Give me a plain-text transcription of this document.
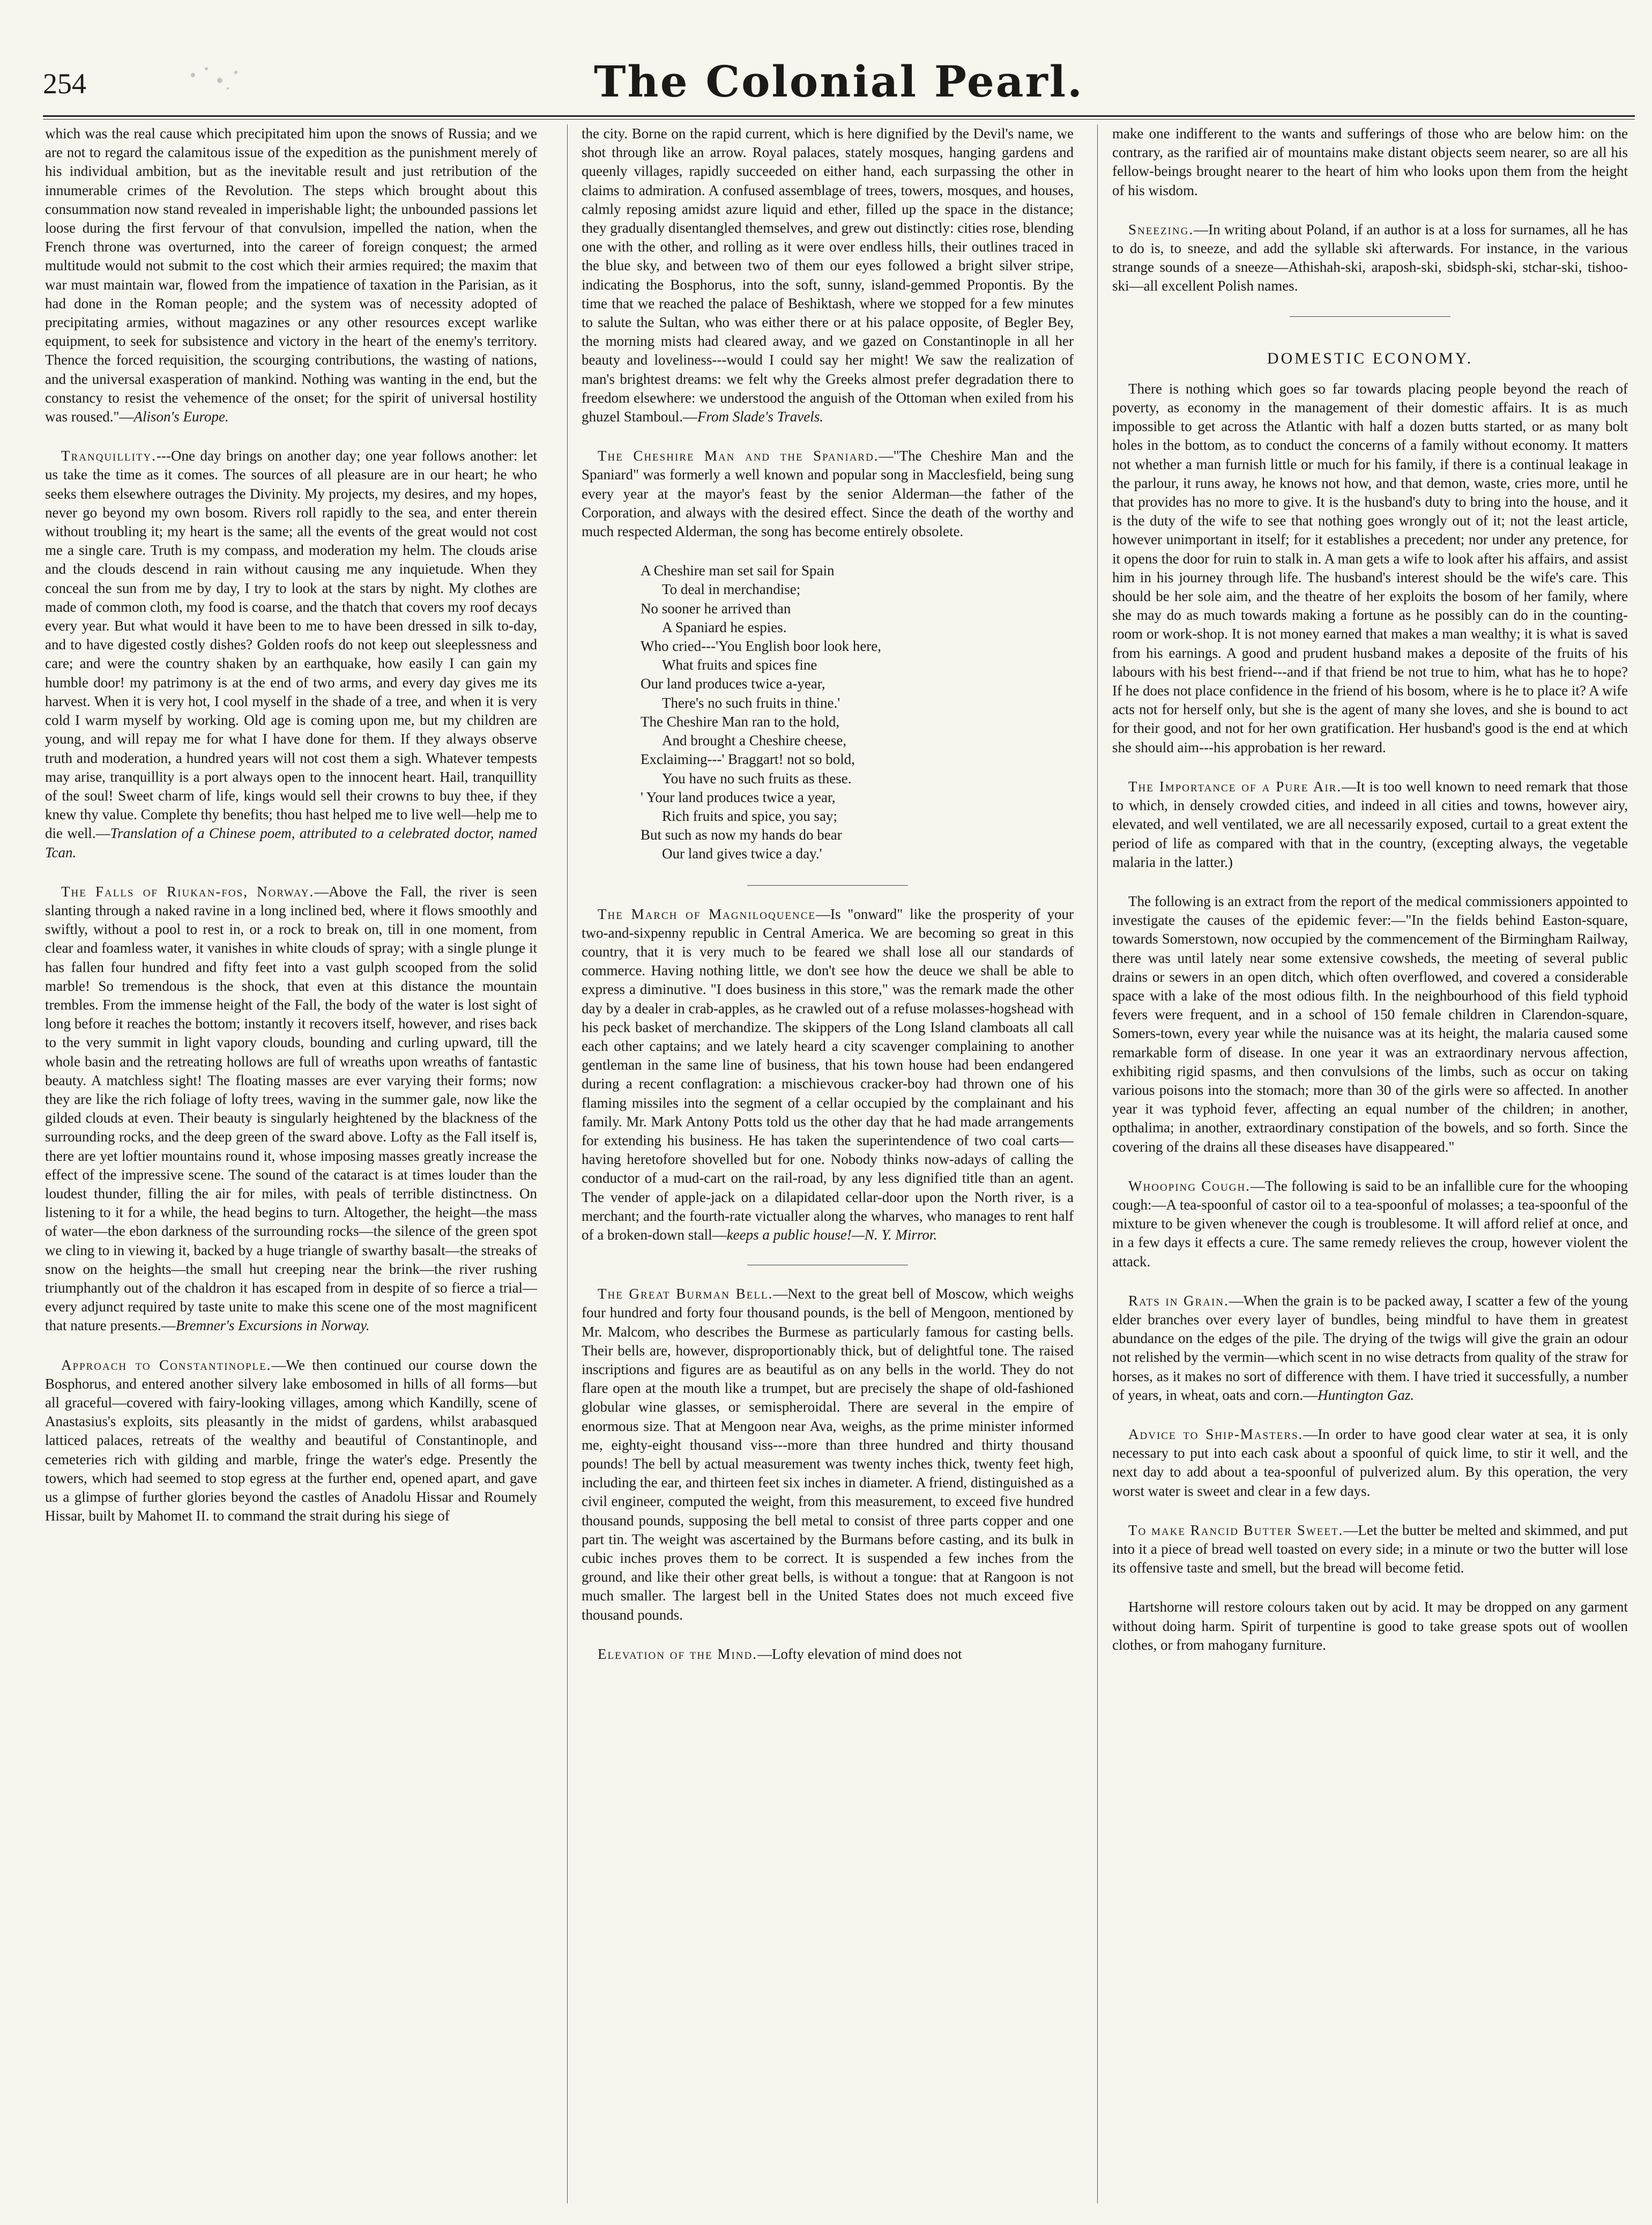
254	The Colonial Pearl.

which was the real cause which precipitated him upon the snows of Russia; and we are not to regard the calamitous issue of the expedition as the punishment merely of his individual ambition, but as the inevitable result and just retribution of the innumerable crimes of the Revolution. The steps which brought about this consummation now stand revealed in imperishable light; the unbounded passions let loose during the first fervour of that convulsion, impelled the nation, when the French throne was overturned, into the career of foreign conquest; the armed multitude would not submit to the cost which their armies required; the maxim that war must maintain war, flowed from the impatience of taxation in the Parisian, as it had done in the Roman people; and the system was of necessity adopted of precipitating armies, without magazines or any other resources except warlike equipment, to seek for subsistence and victory in the heart of the enemy's territory. Thence the forced requisition, the scourging contributions, the wasting of nations, and the universal exasperation of mankind. Nothing was wanting in the end, but the constancy to resist the vehemence of the onset; for the spirit of universal hostility was roused."—Alison's Europe.

Tranquillity.---One day brings on another day; one year follows another: let us take the time as it comes. The sources of all pleasure are in our heart; he who seeks them elsewhere outrages the Divinity. My projects, my desires, and my hopes, never go beyond my own bosom. Rivers roll rapidly to the sea, and enter therein without troubling it; my heart is the same; all the events of the great would not cost me a single care. Truth is my compass, and moderation my helm. The clouds arise and the clouds descend in rain without causing me any inquietude. When they conceal the sun from me by day, I try to look at the stars by night. My clothes are made of common cloth, my food is coarse, and the thatch that covers my roof decays every year. But what would it have been to me to have been dressed in silk to-day, and to have digested costly dishes? Golden roofs do not keep out sleeplessness and care; and were the country shaken by an earthquake, how easily I can gain my humble door! my patrimony is at the end of two arms, and every day gives me its harvest. When it is very hot, I cool myself in the shade of a tree, and when it is very cold I warm myself by working. Old age is coming upon me, but my children are young, and will repay me for what I have done for them. If they always observe truth and moderation, a hundred years will not cost them a sigh. Whatever tempests may arise, tranquillity is a port always open to the innocent heart. Hail, tranquillity of the soul! Sweet charm of life, kings would sell their crowns to buy thee, if they knew thy value. Complete thy benefits; thou hast helped me to live well—help me to die well.—Translation of a Chinese poem, attributed to a celebrated doctor, named Tcan.

The Falls of Riukan-fos, Norway.—Above the Fall, the river is seen slanting through a naked ravine in a long inclined bed, where it flows smoothly and swiftly, without a pool to rest in, or a rock to break on, till in one moment, from clear and foamless water, it vanishes in white clouds of spray; with a single plunge it has fallen four hundred and fifty feet into a vast gulph scooped from the solid marble! So tremendous is the shock, that even at this distance the mountain trembles. From the immense height of the Fall, the body of the water is lost sight of long before it reaches the bottom; instantly it recovers itself, however, and rises back to the very summit in light vapory clouds, bounding and curling upward, till the whole basin and the retreating hollows are full of wreaths upon wreaths of fantastic beauty. A matchless sight! The floating masses are ever varying their forms; now they are like the rich foliage of lofty trees, waving in the summer gale, now like the gilded clouds at even. Their beauty is singularly heightened by the blackness of the surrounding rocks, and the deep green of the sward above. Lofty as the Fall itself is, there are yet loftier mountains round it, whose imposing masses greatly increase the effect of the impressive scene. The sound of the cataract is at times louder than the loudest thunder, filling the air for miles, with peals of terrible distinctness. On listening to it for a while, the head begins to turn. Altogether, the height—the mass of water—the ebon darkness of the surrounding rocks—the silence of the green spot we cling to in viewing it, backed by a huge triangle of swarthy basalt—the streaks of snow on the heights—the small hut creeping near the brink—the river rushing triumphantly out of the chaldron it has escaped from in despite of so fierce a trial—every adjunct required by taste unite to make this scene one of the most magnificent that nature presents.—Bremner's Excursions in Norway.

Approach to Constantinople.—We then continued our course down the Bosphorus, and entered another silvery lake embosomed in hills of all forms—but all graceful—covered with fairy-looking villages, among which Kandilly, scene of Anastasius's exploits, sits pleasantly in the midst of gardens, whilst arabasqued latticed palaces, retreats of the wealthy and beautiful of Constantinople, and cemeteries rich with gilding and marble, fringe the water's edge. Presently the towers, which had seemed to stop egress at the further end, opened apart, and gave us a glimpse of further glories beyond the castles of Anadolu Hissar and Roumely Hissar, built by Mahomet II. to command the strait during his siege of

the city. Borne on the rapid current, which is here dignified by the Devil's name, we shot through like an arrow. Royal palaces, stately mosques, hanging gardens and queenly villages, rapidly succeeded on either hand, each surpassing the other in claims to admiration. A confused assemblage of trees, towers, mosques, and houses, calmly reposing amidst azure liquid and ether, filled up the space in the distance; they gradually disentangled themselves, and grew out distinctly: cities rose, blending one with the other, and rolling as it were over endless hills, their outlines traced in the blue sky, and between two of them our eyes followed a bright silver stripe, indicating the Bosphorus, into the soft, sunny, island-gemmed Propontis. By the time that we reached the palace of Beshiktash, where we stopped for a few minutes to salute the Sultan, who was either there or at his palace opposite, of Begler Bey, the morning mists had cleared away, and we gazed on Constantinople in all her beauty and loveliness---would I could say her might! We saw the realization of man's brightest dreams: we felt why the Greeks almost prefer degradation there to freedom elsewhere: we understood the anguish of the Ottoman when exiled from his ghuzel Stamboul.—From Slade's Travels.

The Cheshire Man and the Spaniard.—"The Cheshire Man and the Spaniard" was formerly a well known and popular song in Macclesfield, being sung every year at the mayor's feast by the senior Alderman—the father of the Corporation, and always with the desired effect. Since the death of the worthy and much respected Alderman, the song has become entirely obsolete.

A Cheshire man set sail for Spain
To deal in merchandise;
No sooner he arrived than
A Spaniard he espies.
Who cried---'You English boor look here,
What fruits and spices fine
Our land produces twice a-year,
There's no such fruits in thine.'
The Cheshire Man ran to the hold,
And brought a Cheshire cheese,
Exclaiming---' Braggart! not so bold,
You have no such fruits as these.
' Your land produces twice a year,
Rich fruits and spice, you say;
But such as now my hands do bear
Our land gives twice a day.'

The March of Magniloquence—Is "onward" like the prosperity of your two-and-sixpenny republic in Central America. We are becoming so great in this country, that it is very much to be feared we shall lose all our standards of commerce. Having nothing little, we don't see how the deuce we shall be able to express a diminutive. "I does business in this store," was the remark made the other day by a dealer in crab-apples, as he crawled out of a refuse molasses-hogshead with his peck basket of merchandize. The skippers of the Long Island clamboats all call each other captains; and we lately heard a city scavenger complaining to another gentleman in the same line of business, that his town house had been endangered during a recent conflagration: a mischievous cracker-boy had thrown one of his flaming missiles into the segment of a cellar occupied by the complainant and his family. Mr. Mark Antony Potts told us the other day that he had made arrangements for extending his business. He has taken the superintendence of two coal carts—having heretofore shovelled but for one. Nobody thinks now-adays of calling the conductor of a mud-cart on the rail-road, by any less dignified title than an agent. The vender of apple-jack on a dilapidated cellar-door upon the North river, is a merchant; and the fourth-rate victualler along the wharves, who manages to rent half of a broken-down stall—keeps a public house!—N. Y. Mirror.

The Great Burman Bell.—Next to the great bell of Moscow, which weighs four hundred and forty four thousand pounds, is the bell of Mengoon, mentioned by Mr. Malcom, who describes the Burmese as particularly famous for casting bells. Their bells are, however, disproportionably thick, but of delightful tone. The raised inscriptions and figures are as beautiful as on any bells in the world. They do not flare open at the mouth like a trumpet, but are precisely the shape of old-fashioned globular wine glasses, or semispheroidal. There are several in the empire of enormous size. That at Mengoon near Ava, weighs, as the prime minister informed me, eighty-eight thousand viss---more than three hundred and thirty thousand pounds! The bell by actual measurement was twenty inches thick, twenty feet high, including the ear, and thirteen feet six inches in diameter. A friend, distinguished as a civil engineer, computed the weight, from this measurement, to exceed five hundred thousand pounds, supposing the bell metal to consist of three parts copper and one part tin. The weight was ascertained by the Burmans before casting, and its bulk in cubic inches proves them to be correct. It is suspended a few inches from the ground, and like their other great bells, is without a tongue: that at Rangoon is not much smaller. The largest bell in the United States does not much exceed five thousand pounds.

Elevation of the Mind.—Lofty elevation of mind does not

make one indifferent to the wants and sufferings of those who are below him: on the contrary, as the rarified air of mountains make distant objects seem nearer, so are all his fellow-beings brought nearer to the heart of him who looks upon them from the height of his wisdom.

Sneezing.—In writing about Poland, if an author is at a loss for surnames, all he has to do is, to sneeze, and add the syllable ski afterwards. For instance, in the various strange sounds of a sneeze—Athishah-ski, araposh-ski, sbidsph-ski, stchar-ski, tishoo-ski—all excellent Polish names.

DOMESTIC ECONOMY.

There is nothing which goes so far towards placing people beyond the reach of poverty, as economy in the management of their domestic affairs. It is as much impossible to get across the Atlantic with half a dozen butts started, or as many bolt holes in the bottom, as to conduct the concerns of a family without economy. It matters not whether a man furnish little or much for his family, if there is a continual leakage in the parlour, it runs away, he knows not how, and that demon, waste, cries more, until he that provides has no more to give. It is the husband's duty to bring into the house, and it is the duty of the wife to see that nothing goes wrongly out of it; not the least article, however unimportant in itself; for it establishes a precedent; nor under any pretence, for it opens the door for ruin to stalk in. A man gets a wife to look after his affairs, and assist him in his journey through life. The husband's interest should be the wife's care. This should be her sole aim, and the theatre of her exploits the bosom of her family, where she may do as much towards making a fortune as he possibly can do in the counting-room or work-shop. It is not money earned that makes a man wealthy; it is what is saved from his earnings. A good and prudent husband makes a deposite of the fruits of his labours with his best friend---and if that friend be not true to him, what has he to hope? If he does not place confidence in the friend of his bosom, where is he to place it? A wife acts not for herself only, but she is the agent of many she loves, and she is bound to act for their good, and not for her own gratification. Her husband's good is the end at which she should aim---his approbation is her reward.

The Importance of a Pure Air.—It is too well known to need remark that those to which, in densely crowded cities, and indeed in all cities and towns, however airy, elevated, and well ventilated, we are all necessarily exposed, curtail to a great extent the period of life as compared with that in the country, (excepting always, the vegetable malaria in the latter.)

The following is an extract from the report of the medical commissioners appointed to investigate the causes of the epidemic fever:—"In the fields behind Easton-square, towards Somerstown, now occupied by the commencement of the Birmingham Railway, there was until lately near some extensive cowsheds, the meeting of several public drains or sewers in an open ditch, which often overflowed, and covered a considerable space with a lake of the most odious filth. In the neighbourhood of this field typhoid fevers were frequent, and in a school of 150 female children in Clarendon-square, Somers-town, every year while the nuisance was at its height, the malaria caused some remarkable form of disease. In one year it was an extraordinary nervous affection, exhibiting rigid spasms, and then convulsions of the limbs, such as occur on taking various poisons into the stomach; more than 30 of the girls were so affected. In another year it was typhoid fever, affecting an equal number of the children; in another, opthalima; in another, extraordinary constipation of the bowels, and so forth. Since the covering of the drains all these diseases have disappeared."

Whooping Cough.—The following is said to be an infallible cure for the whooping cough:—A tea-spoonful of castor oil to a tea-spoonful of molasses; a tea-spoonful of the mixture to be given whenever the cough is troublesome. It will afford relief at once, and in a few days it effects a cure. The same remedy relieves the croup, however violent the attack.

Rats in Grain.—When the grain is to be packed away, I scatter a few of the young elder branches over every layer of bundles, being mindful to have them in greatest abundance on the edges of the pile. The drying of the twigs will give the grain an odour not relished by the vermin—which scent in no wise detracts from quality of the straw for horses, as it makes no sort of difference with them. I have tried it successfully, a number of years, in wheat, oats and corn.—Huntington Gaz.

Advice to Ship-Masters.—In order to have good clear water at sea, it is only necessary to put into each cask about a spoonful of quick lime, to stir it well, and the next day to add about a tea-spoonful of pulverized alum. By this operation, the very worst water is sweet and clear in a few days.

To make Rancid Butter Sweet.—Let the butter be melted and skimmed, and put into it a piece of bread well toasted on every side; in a minute or two the butter will lose its offensive taste and smell, but the bread will become fetid.

Hartshorne will restore colours taken out by acid. It may be dropped on any garment without doing harm. Spirit of turpentine is good to take grease spots out of woollen clothes, or from mahogany furniture.
